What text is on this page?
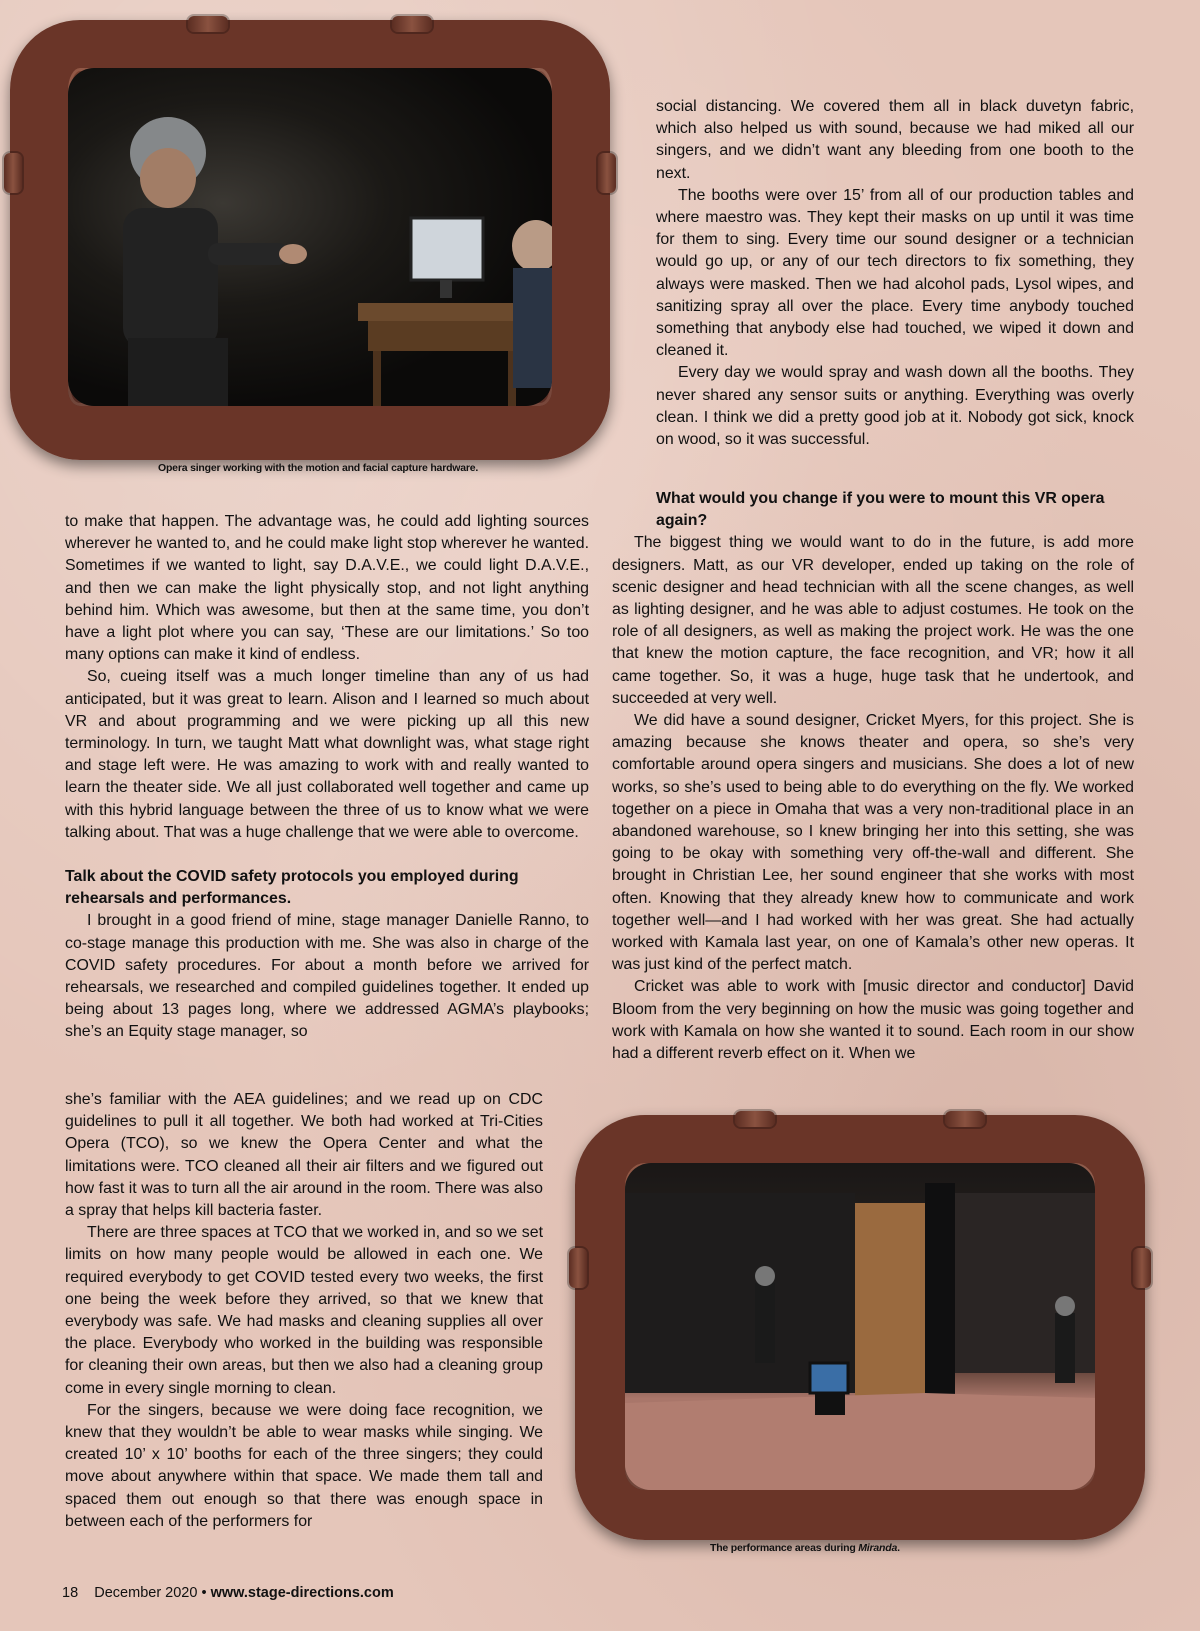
Opera singer working with the motion and facial capture hardware.
The performance areas during Miranda.

social distancing. We covered them all in black duvetyn fabric, which also helped us with sound, because we had miked all our singers, and we didn’t want any bleeding from one booth to the next.

The booths were over 15’ from all of our production tables and where maestro was. They kept their masks on up until it was time for them to sing. Every time our sound designer or a technician would go up, or any of our tech directors to fix something, they always were masked. Then we had alcohol pads, Lysol wipes, and sanitizing spray all over the place. Every time anybody touched something that anybody else had touched, we wiped it down and cleaned it.

Every day we would spray and wash down all the booths. They never shared any sensor suits or anything. Everything was overly clean. I think we did a pretty good job at it. Nobody got sick, knock on wood, so it was successful.

What would you change if you were to mount this VR opera again?

The biggest thing we would want to do in the future, is add more designers. Matt, as our VR developer, ended up taking on the role of scenic designer and head technician with all the scene changes, as well as lighting designer, and he was able to adjust costumes. He took on the role of all designers, as well as making the project work. He was the one that knew the motion capture, the face recognition, and VR; how it all came together. So, it was a huge, huge task that he undertook, and succeeded at very well.

We did have a sound designer, Cricket Myers, for this project. She is amazing because she knows theater and opera, so she’s very comfortable around opera singers and musicians. She does a lot of new works, so she’s used to being able to do everything on the fly. We worked together on a piece in Omaha that was a very non-traditional place in an abandoned warehouse, so I knew bringing her into this setting, she was going to be okay with something very off-the-wall and different. She brought in Christian Lee, her sound engineer that she works with most often. Knowing that they already knew how to communicate and work together well—and I had worked with her was great. She had actually worked with Kamala last year, on one of Kamala’s other new operas. It was just kind of the perfect match.

Cricket was able to work with [music director and conductor] David Bloom from the very beginning on how the music was going together and work with Kamala on how she wanted it to sound. Each room in our show had a different reverb effect on it. When we

to make that happen. The advantage was, he could add lighting sources wherever he wanted to, and he could make light stop wherever he wanted. Sometimes if we wanted to light, say D.A.V.E., we could light D.A.V.E., and then we can make the light physically stop, and not light anything behind him. Which was awesome, but then at the same time, you don’t have a light plot where you can say, ‘These are our limitations.’ So too many options can make it kind of endless.

So, cueing itself was a much longer timeline than any of us had anticipated, but it was great to learn. Alison and I learned so much about VR and about programming and we were picking up all this new terminology. In turn, we taught Matt what downlight was, what stage right and stage left were. He was amazing to work with and really wanted to learn the theater side. We all just collaborated well together and came up with this hybrid language between the three of us to know what we were talking about. That was a huge challenge that we were able to overcome.

Talk about the COVID safety protocols you employed during rehearsals and performances.

I brought in a good friend of mine, stage manager Danielle Ranno, to co-stage manage this production with me. She was also in charge of the COVID safety procedures. For about a month before we arrived for rehearsals, we researched and compiled guidelines together. It ended up being about 13 pages long, where we addressed AGMA’s playbooks; she’s an Equity stage manager, so

she’s familiar with the AEA guidelines; and we read up on CDC guidelines to pull it all together. We both had worked at Tri-Cities Opera (TCO), so we knew the Opera Center and what the limitations were. TCO cleaned all their air filters and we figured out how fast it was to turn all the air around in the room. There was also a spray that helps kill bacteria faster.

There are three spaces at TCO that we worked in, and so we set limits on how many people would be allowed in each one. We required everybody to get COVID tested every two weeks, the first one being the week before they arrived, so that we knew that everybody was safe. We had masks and cleaning supplies all over the place. Everybody who worked in the building was responsible for cleaning their own areas, but then we also had a cleaning group come in every single morning to clean.

For the singers, because we were doing face recognition, we knew that they wouldn’t be able to wear masks while singing. We created 10’ x 10’ booths for each of the three singers; they could move about anywhere within that space. We made them tall and spaced them out enough so that there was enough space in between each of the performers for

18 December 2020 • www.stage-directions.com
